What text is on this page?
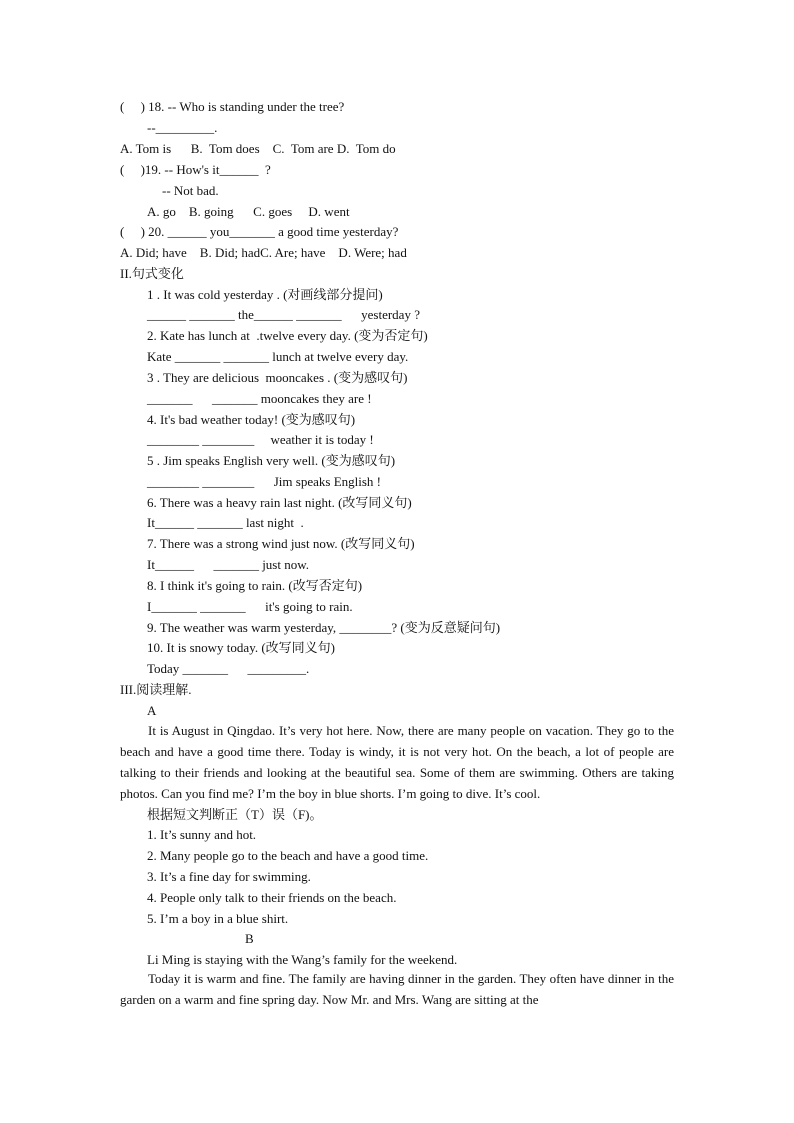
(     ) 18. -- Who is standing under the tree?
--_________.
A. Tom is      B.  Tom does    C.  Tom are D.  Tom do
(     )19. -- How's it______  ?
-- Not bad.
A. go    B. going      C. goes     D. went
(     ) 20. ______ you_______ a good time yesterday?
A. Did; have    B. Did; hadC. Are; have    D. Were; had
II.句式变化
1 . It was cold yesterday . (对画线部分提问)
______ _______ the______ _______      yesterday ?
2. Kate has lunch at  .twelve every day. (变为否定句)
Kate _______ _______ lunch at twelve every day.
3 . They are delicious  mooncakes . (变为感叹句)
_______      _______ mooncakes they are !
4. It's bad weather today! (变为感叹句)
________ ________     weather it is today !
5 . Jim speaks English very well. (变为感叹句)
________ ________      Jim speaks English !
6. There was a heavy rain last night. (改写同义句)
It______ _______ last night  .
7. There was a strong wind just now. (改写同义句)
It______      _______ just now.
8. I think it's going to rain. (改写否定句)
I_______ _______      it's going to rain.
9. The weather was warm yesterday, ________? (变为反意疑问句)
10. It is snowy today. (改写同义句)
Today _______      _________.
III.阅读理解.
A
根据短文判断正（T）误（F)。
1. It’s sunny and hot.
2. Many people go to the beach and have a good time.
3. It’s a fine day for swimming.
4. People only talk to their friends on the beach.
5. I’m a boy in a blue shirt.
B
Li Ming is staying with the Wang’s family for the weekend.

It is August in Qingdao. It’s very hot here. Now, there are many people on vacation. They go to the beach and have a good time there. Today is windy, it is not very hot. On the beach, a lot of people are talking to their friends and looking at the beautiful sea. Some of them are swimming. Others are taking photos. Can you find me? I’m the boy in blue shorts. I’m going to dive. It’s cool.

Today it is warm and fine. The family are having dinner in the garden. They often have dinner in the garden on a warm and fine spring day. Now Mr. and Mrs. Wang are sitting at the
